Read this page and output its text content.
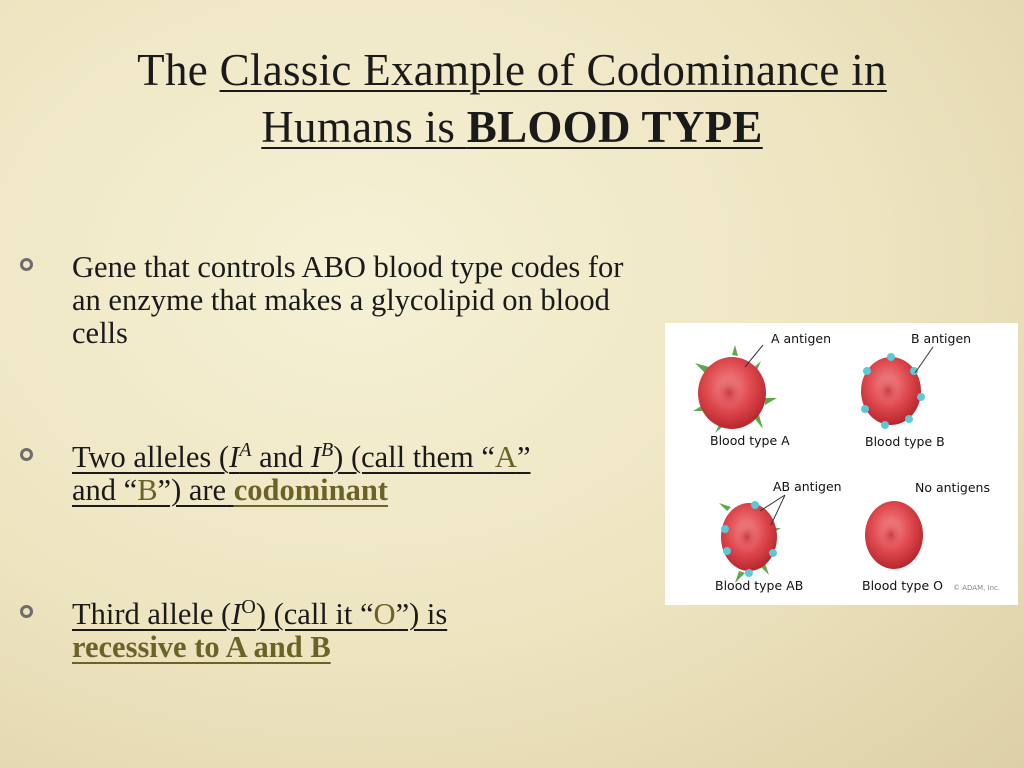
The Classic Example of Codominance in
Humans is BLOOD TYPE
Gene that controls ABO blood type codes for an enzyme that makes a glycolipid on blood cells
Two alleles ($I^A$ and $I^B$) (call them “A”
and “B”) are codominant
Third allele $(I^O)$ (call it “O”) is
recessive to A and B
A antigen	B antigen
Blood type A	Blood type B
AB antigen	No antigens
Blood type AB	Blood type O © ADAM, Inc.
